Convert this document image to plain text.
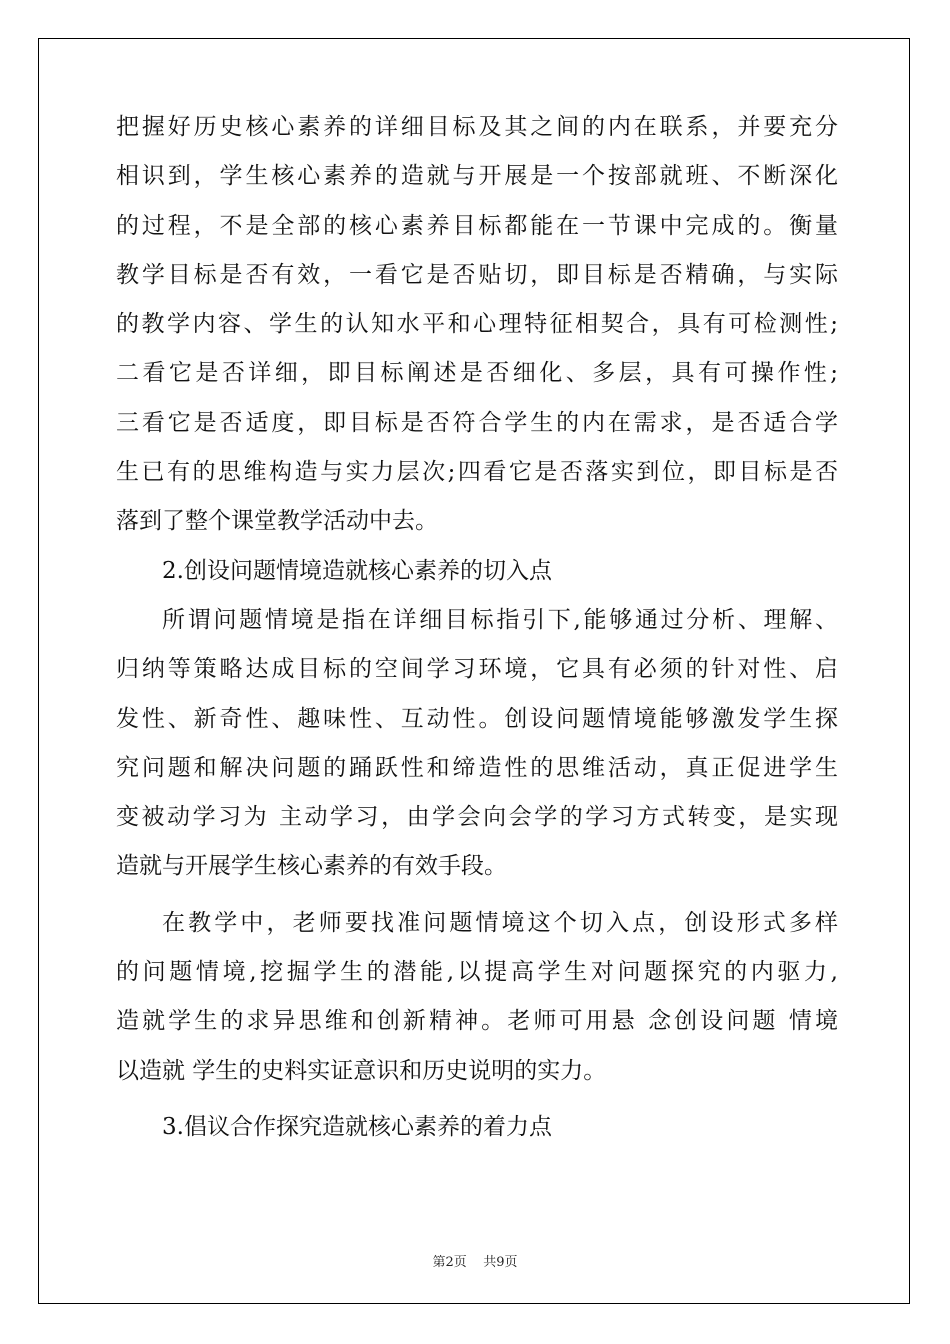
把握好历史核心素养的详细目标及其之间的内在联系，并要充分
相识到，学生核心素养的造就与开展是一个按部就班、不断深化
的过程，不是全部的核心素养目标都能在一节课中完成的。衡量
教学目标是否有效，一看它是否贴切，即目标是否精确，与实际
的教学内容、学生的认知水平和心理特征相契合，具有可检测性;
二看它是否详细，即目标阐述是否细化、多层，具有可操作性;
三看它是否适度，即目标是否符合学生的内在需求，是否适合学
生已有的思维构造与实力层次;四看它是否落实到位，即目标是否
落到了整个课堂教学活动中去。
2.创设问题情境造就核心素养的切入点
所谓问题情境是指在详细目标指引下,能够通过分析、理解、
归纳等策略达成目标的空间学习环境，它具有必须的针对性、启
发性、新奇性、趣味性、互动性。创设问题情境能够激发学生探
究问题和解决问题的踊跃性和缔造性的思维活动，真正促进学生
变被动学习为 主动学习，由学会向会学的学习方式转变，是实现
造就与开展学生核心素养的有效手段。
在教学中，老师要找准问题情境这个切入点，创设形式多样
的问题情境,挖掘学生的潜能,以提高学生对问题探究的内驱力,
造就学生的求异思维和创新精神。老师可用悬 念创设问题 情境
以造就 学生的史料实证意识和历史说明的实力。
3.倡议合作探究造就核心素养的着力点
第2页    共9页
